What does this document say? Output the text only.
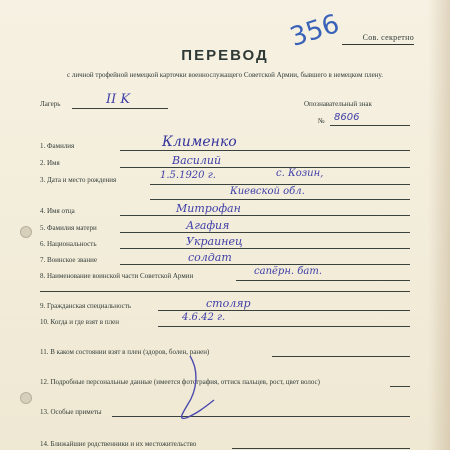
356 Сов. секретно
ПЕРЕВОД
с личной трофейной немецкой карточки военнослужащего Советской Армии, бывшего в немецком плену.
Лагерь	II K	Опознавательный знак
№ 8606
1. Фамилия	Клименко
2. Имя	Василий
3. Дата и место рождения	1.5.1920 г.	с. Козин,
Киевской обл.
4. Имя отца	Митрофан
5. Фамилия матери	Агафия
6. Национальность	Украинец
7. Воинское звание	солдат
8. Наименование воинской части Советской Армии	сапёрн. бат.
9. Гражданская специальность	столяр
10. Когда и где взят в плен	4.6.42 г.
11. В каком состоянии взят в плен (здоров, болен, ранен)
12. Подробные персональные данные (имеется фотография, оттиск пальцев, рост, цвет волос)
13. Особые приметы
14. Ближайшие родственники и их местожительство
